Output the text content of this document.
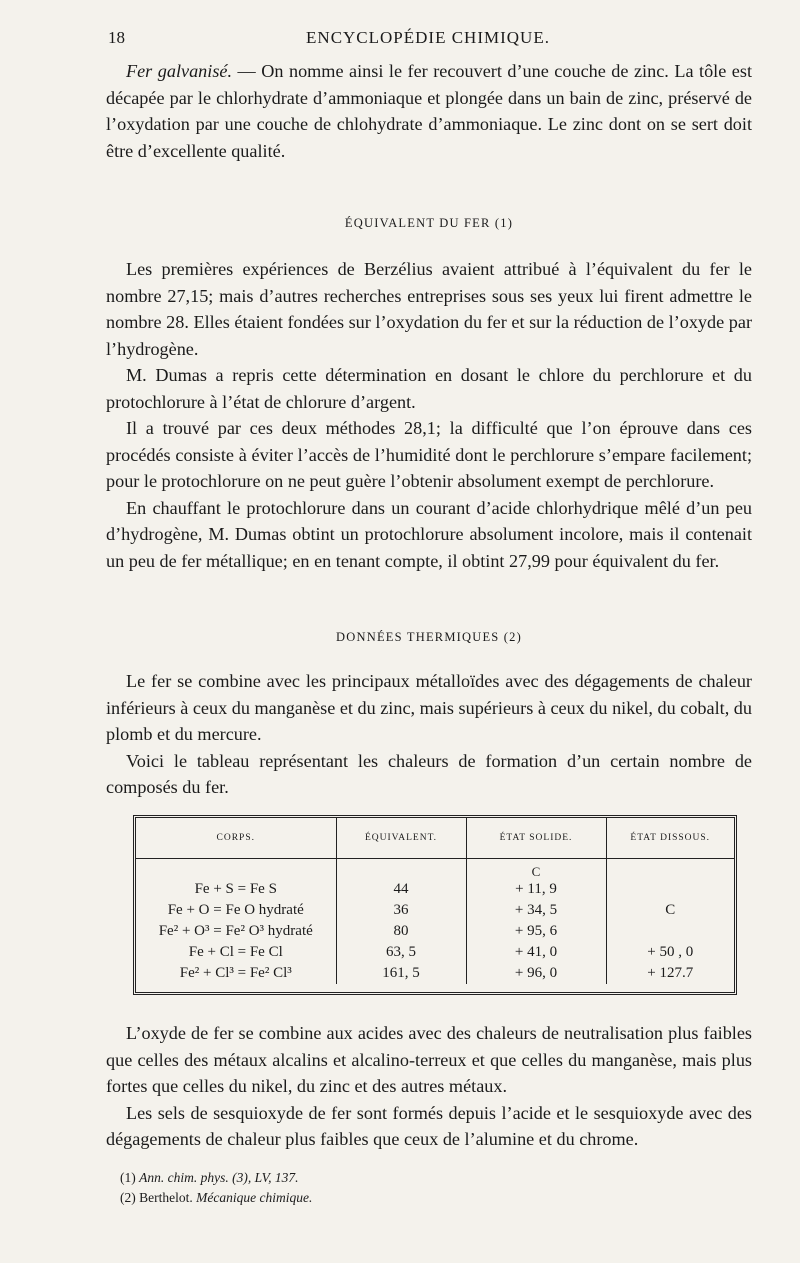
18	ENCYCLOPÉDIE CHIMIQUE.

Fer galvanisé. — On nomme ainsi le fer recouvert d’une couche de zinc. La tôle est décapée par le chlorhydrate d’ammoniaque et plongée dans un bain de zinc, préservé de l’oxydation par une couche de chlohydrate d’ammoniaque. Le zinc dont on se sert doit être d’excellente qualité.

ÉQUIVALENT DU FER (1)

Les premières expériences de Berzélius avaient attribué à l’équivalent du fer le nombre 27,15; mais d’autres recherches entreprises sous ses yeux lui firent admettre le nombre 28. Elles étaient fondées sur l’oxydation du fer et sur la réduction de l’oxyde par l’hydrogène.

M. Dumas a repris cette détermination en dosant le chlore du perchlorure et du protochlorure à l’état de chlorure d’argent.

Il a trouvé par ces deux méthodes 28,1; la difficulté que l’on éprouve dans ces procédés consiste à éviter l’accès de l’humidité dont le perchlorure s’empare facilement; pour le protochlorure on ne peut guère l’obtenir absolument exempt de perchlorure.

En chauffant le protochlorure dans un courant d’acide chlorhydrique mêlé d’un peu d’hydrogène, M. Dumas obtint un protochlorure absolument incolore, mais il contenait un peu de fer métallique; en en tenant compte, il obtint 27,99 pour équivalent du fer.

DONNÉES THERMIQUES (2)

Le fer se combine avec les principaux métalloïdes avec des dégagements de chaleur inférieurs à ceux du manganèse et du zinc, mais supérieurs à ceux du nikel, du cobalt, du plomb et du mercure.

Voici le tableau représentant les chaleurs de formation d’un certain nombre de composés du fer.

CORPS.	ÉQUIVALENT.	ÉTAT SOLIDE.	ÉTAT DISSOUS.
		C	
Fe + S = Fe S	44	+ 11, 9	
Fe + O = Fe O hydraté	36	+ 34, 5	C
Fe² + O³ = Fe² O³ hydraté	80	+ 95, 6	
Fe + Cl = Fe Cl	63, 5	+ 41, 0	+ 50 , 0
Fe² + Cl³ = Fe² Cl³	161, 5	+ 96, 0	+ 127.7

L’oxyde de fer se combine aux acides avec des chaleurs de neutralisation plus faibles que celles des métaux alcalins et alcalino-terreux et que celles du manganèse, mais plus fortes que celles du nikel, du zinc et des autres métaux.

Les sels de sesquioxyde de fer sont formés depuis l’acide et le sesquioxyde avec des dégagements de chaleur plus faibles que ceux de l’alumine et du chrome.

(1) Ann. chim. phys. (3), LV, 137.
(2) Berthelot. Mécanique chimique.
